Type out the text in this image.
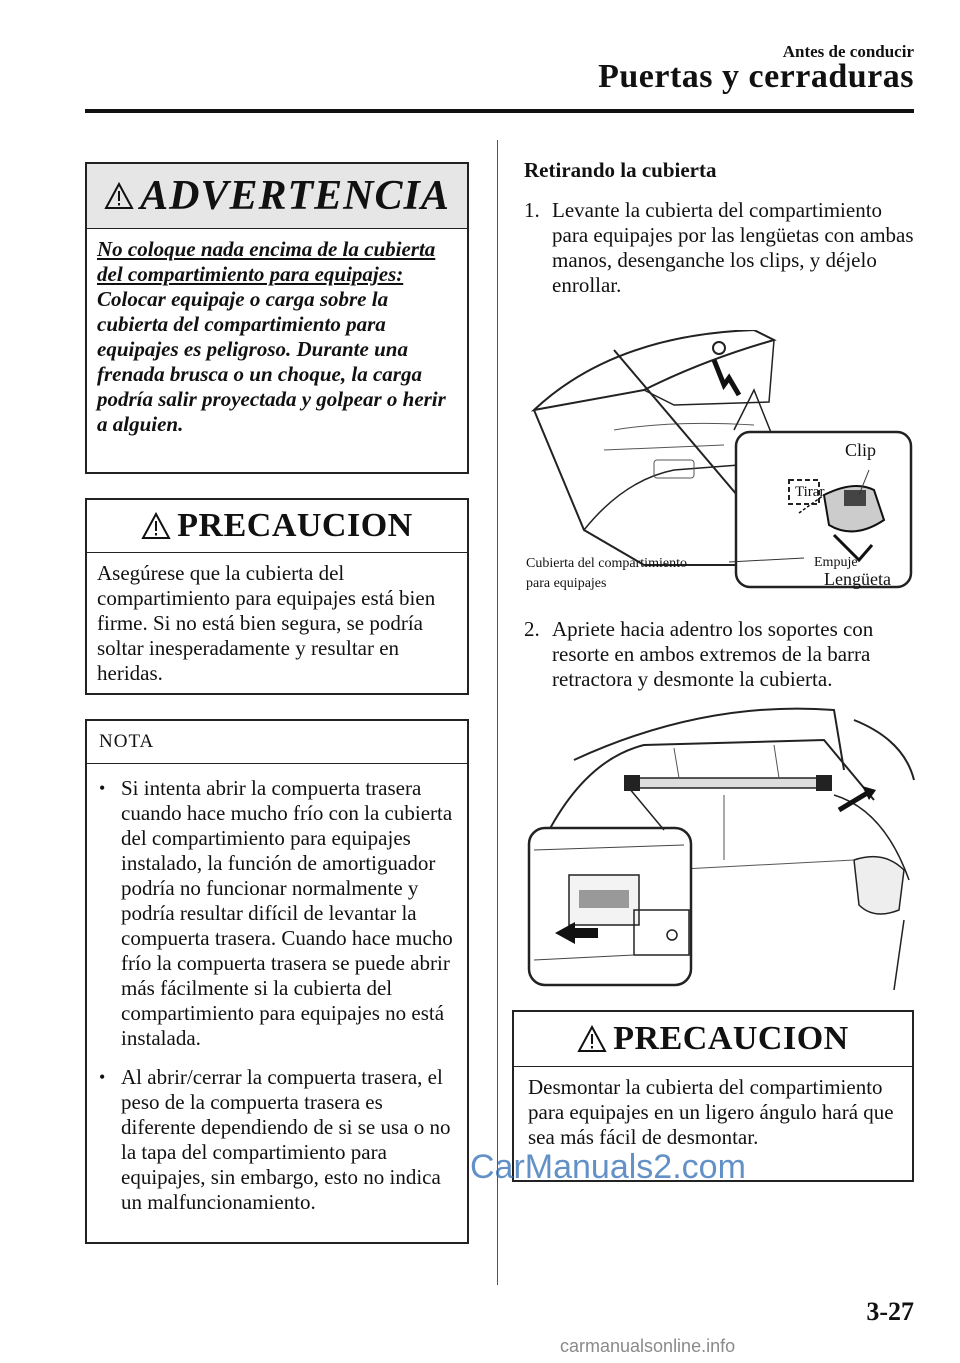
Antes de conducir
Puertas y cerraduras
ADVERTENCIA
No coloque nada encima de la cubierta del compartimiento para equipajes:
Colocar equipaje o carga sobre la cubierta del compartimiento para equipajes es peligroso. Durante una frenada brusca o un choque, la carga podría salir proyectada y golpear o herir a alguien.
PRECAUCION
Asegúrese que la cubierta del compartimiento para equipajes está bien firme. Si no está bien segura, se podría soltar inesperadamente y resultar en heridas.
NOTA
• Si intenta abrir la compuerta trasera cuando hace mucho frío con la cubierta del compartimiento para equipajes instalado, la función de amortiguador podría no funcionar normalmente y podría resultar difícil de levantar la compuerta trasera. Cuando hace mucho frío la compuerta trasera se puede abrir más fácilmente si la cubierta del compartimiento para equipajes no está instalada.
• Al abrir/cerrar la compuerta trasera, el peso de la compuerta trasera es diferente dependiendo de si se usa o no la tapa del compartimiento para equipajes, sin embargo, esto no indica un malfuncionamiento.
Retirando la cubierta
1. Levante la cubierta del compartimiento para equipajes por las lengüetas con ambas manos, desenganche los clips, y déjelo enrollar.
Clip
Tirar
Empuje
Lengüeta
Cubierta del compartimiento
para equipajes
2. Apriete hacia adentro los soportes con resorte en ambos extremos de la barra retractora y desmonte la cubierta.
PRECAUCION
Desmontar la cubierta del compartimiento para equipajes en un ligero ángulo hará que sea más fácil de desmontar.
CarManuals2.com
3-27
carmanualsonline.info
